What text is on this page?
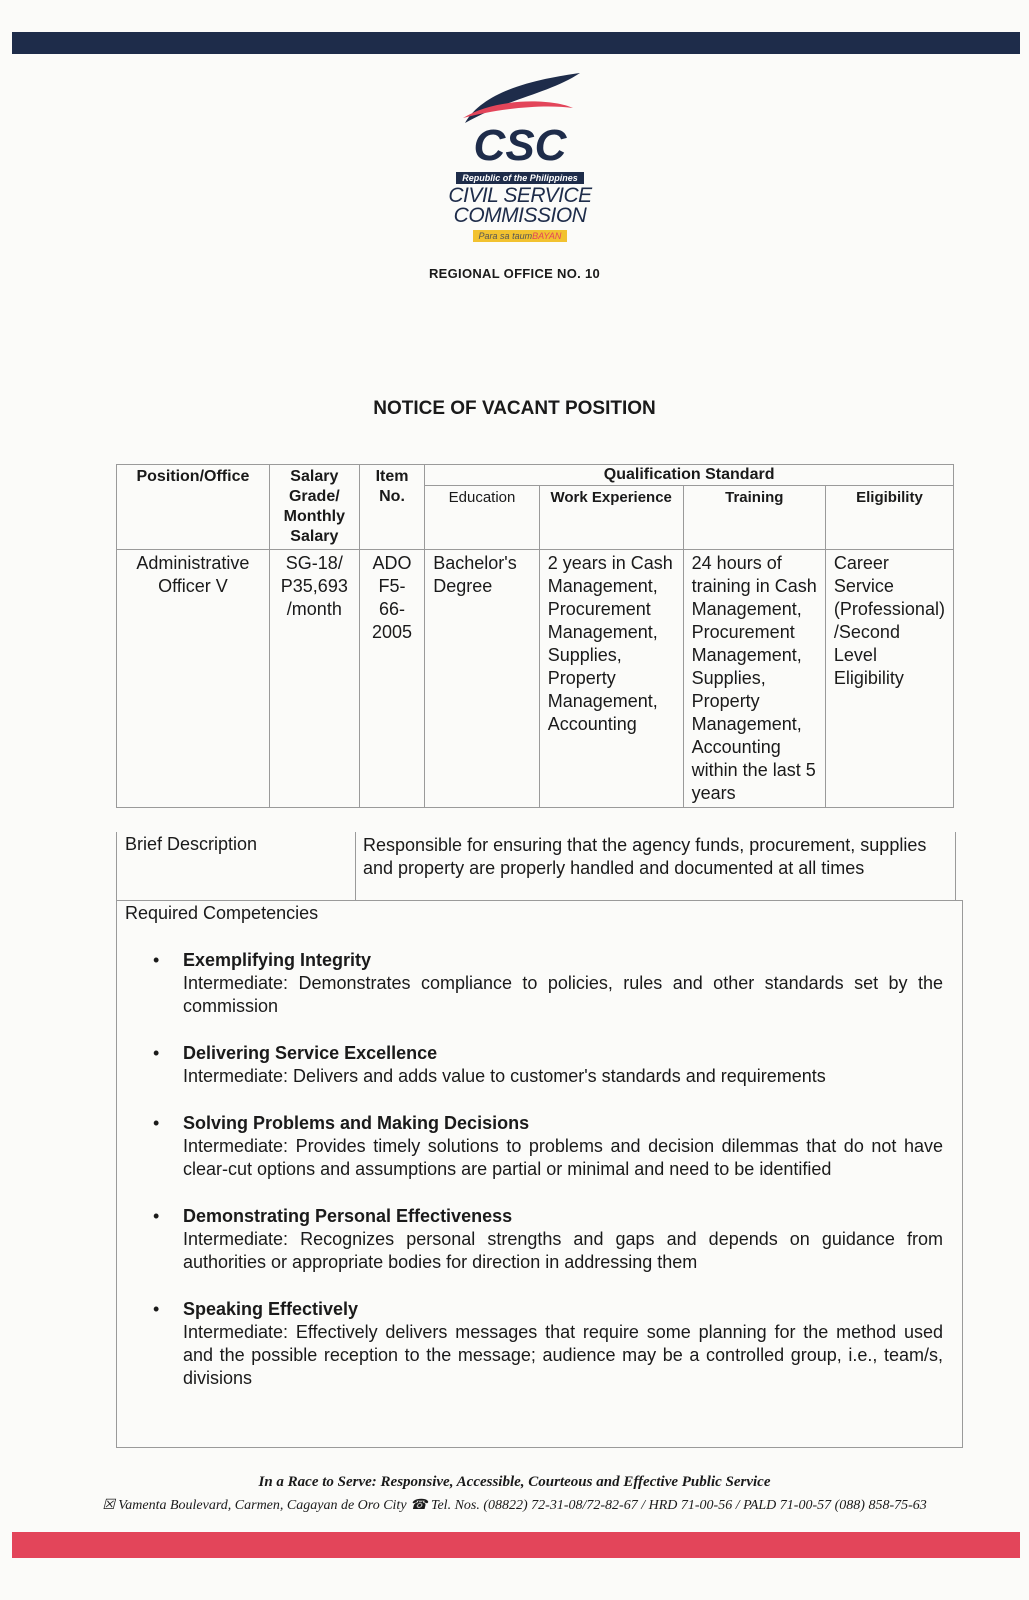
CSC
Republic of the Philippines
CIVIL SERVICE
COMMISSION
Para sa taumBAYAN
REGIONAL OFFICE NO. 10
NOTICE OF VACANT POSITION
Position/Office	Salary Grade/ Monthly Salary	Item No.	Qualification Standard			
			Education	Work Experience	Training	Eligibility
Administrative Officer V	SG-18/ P35,693 /month	ADO F5-66-2005	Bachelor's Degree	2 years in Cash Management, Procurement Management, Supplies, Property Management, Accounting	24 hours of training in Cash Management, Procurement Management, Supplies, Property Management, Accounting within the last 5 years	Career Service (Professional) /Second Level Eligibility
Brief Description	Responsible for ensuring that the agency funds, procurement, supplies and property are properly handled and documented at all times
Required Competencies
• Exemplifying Integrity
Intermediate: Demonstrates compliance to policies, rules and other standards set by the commission
• Delivering Service Excellence
Intermediate: Delivers and adds value to customer's standards and requirements
• Solving Problems and Making Decisions
Intermediate: Provides timely solutions to problems and decision dilemmas that do not have clear-cut options and assumptions are partial or minimal and need to be identified
• Demonstrating Personal Effectiveness
Intermediate: Recognizes personal strengths and gaps and depends on guidance from authorities or appropriate bodies for direction in addressing them
• Speaking Effectively
Intermediate: Effectively delivers messages that require some planning for the method used and the possible reception to the message; audience may be a controlled group, i.e., team/s, divisions
In a Race to Serve: Responsive, Accessible, Courteous and Effective Public Service
☒ Vamenta Boulevard, Carmen, Cagayan de Oro City ☎ Tel. Nos. (08822) 72-31-08/72-82-67 / HRD 71-00-56 / PALD 71-00-57 (088) 858-75-63
